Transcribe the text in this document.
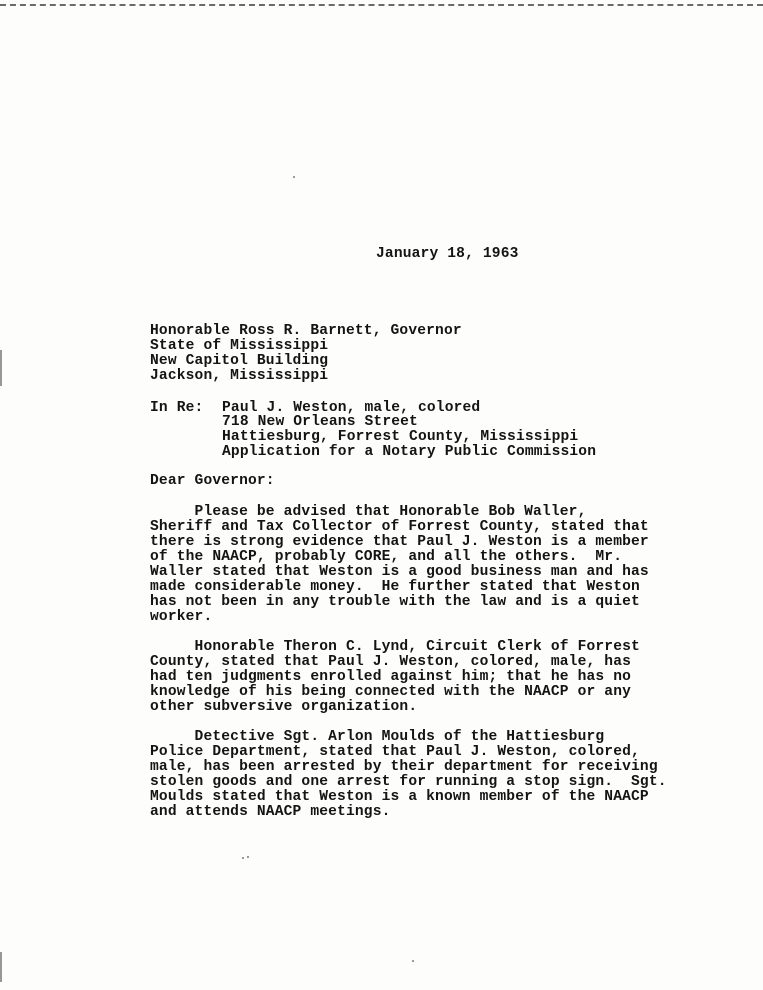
January 18, 1963

Honorable Ross R. Barnett, Governor

State of Mississippi

New Capitol Building

Jackson, Mississippi

In Re: Paul J. Weston, male, colored

718 New Orleans Street

Hattiesburg, Forrest County, Mississippi

Application for a Notary Public Commission

Dear Governor:

Please be advised that Honorable Bob Waller,

Sheriff and Tax Collector of Forrest County, stated that

there is strong evidence that Paul J. Weston is a member

of the NAACP, probably CORE, and all the others.  Mr.

Waller stated that Weston is a good business man and has

made considerable money.  He further stated that Weston

has not been in any trouble with the law and is a quiet

worker.

Honorable Theron C. Lynd, Circuit Clerk of Forrest

County, stated that Paul J. Weston, colored, male, has

had ten judgments enrolled against him; that he has no

knowledge of his being connected with the NAACP or any

other subversive organization.

Detective Sgt. Arlon Moulds of the Hattiesburg

Police Department, stated that Paul J. Weston, colored,

male, has been arrested by their department for receiving

stolen goods and one arrest for running a stop sign.  Sgt.

Moulds stated that Weston is a known member of the NAACP

and attends NAACP meetings.
